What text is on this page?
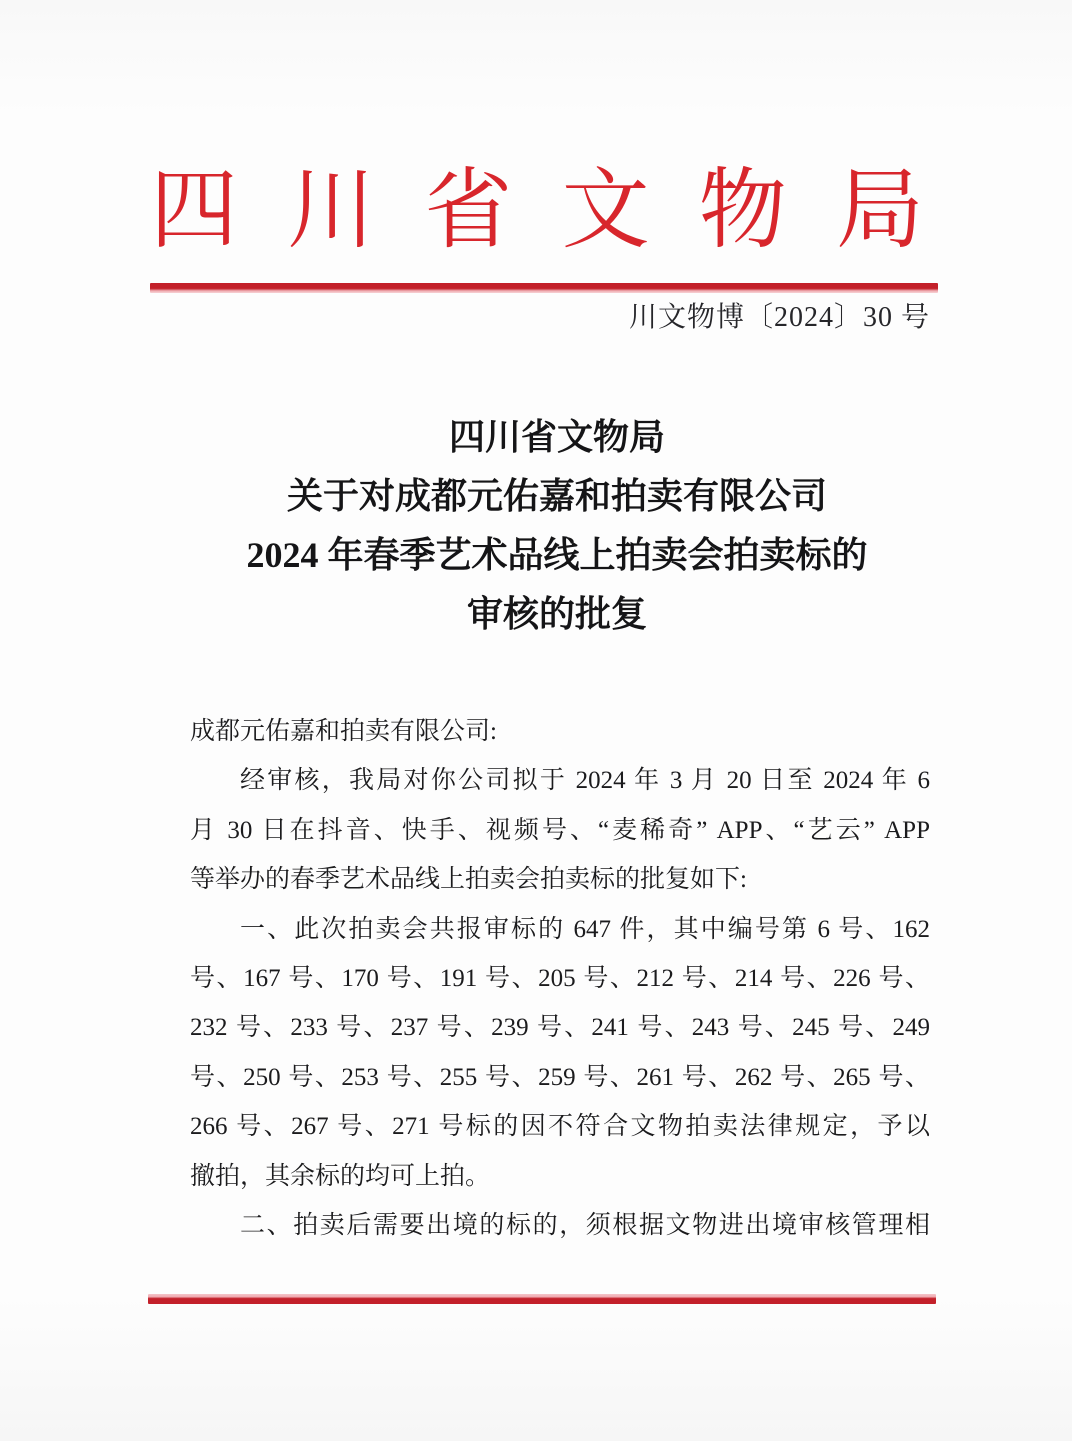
四 川 省 文 物 局
川文物博〔2024〕30 号
四川省文物局
关于对成都元佑嘉和拍卖有限公司
2024 年春季艺术品线上拍卖会拍卖标的
审核的批复
成都元佑嘉和拍卖有限公司:
经审核，我局对你公司拟于 2024 年 3 月 20 日至 2024 年 6
月 30 日在抖音、快手、视频号、“麦稀奇” APP、“艺云” APP
等举办的春季艺术品线上拍卖会拍卖标的批复如下:
一、此次拍卖会共报审标的 647 件，其中编号第 6 号、162
号、167 号、170 号、191 号、205 号、212 号、214 号、226 号、
232 号、233 号、237 号、239 号、241 号、243 号、245 号、249
号、250 号、253 号、255 号、259 号、261 号、262 号、265 号、
266 号、267 号、271 号标的因不符合文物拍卖法律规定，予以
撤拍，其余标的均可上拍。
二、拍卖后需要出境的标的，须根据文物进出境审核管理相
